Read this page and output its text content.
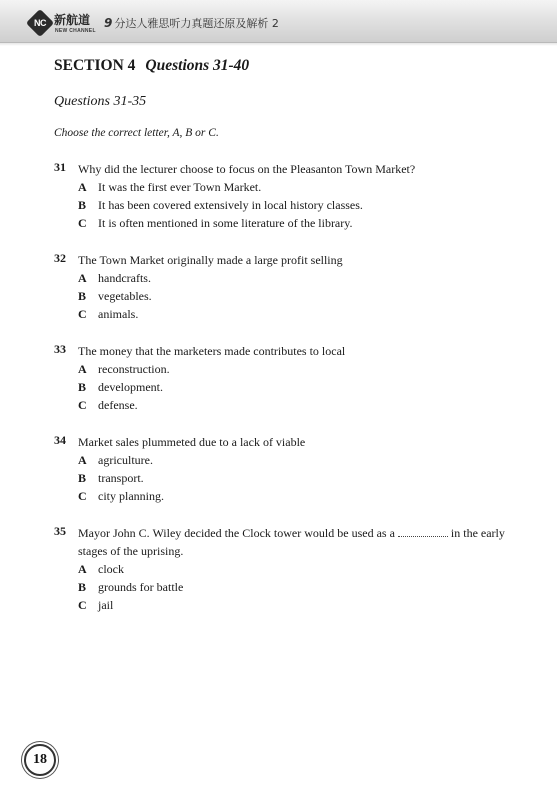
NC 新航道
NEW CHANNEL
9 分达人雅思听力真题还原及解析 2
SECTION 4 Questions 31-40
Questions 31-35
Choose the correct letter, A, B or C.
31 Why did the lecturer choose to focus on the Pleasanton Town Market?
A It was the first ever Town Market.
B It has been covered extensively in local history classes.
C It is often mentioned in some literature of the library.
32 The Town Market originally made a large profit selling
A handcrafts.
B vegetables.
C animals.
33 The money that the marketers made contributes to local
A reconstruction.
B development.
C defense.
34 Market sales plummeted due to a lack of viable
A agriculture.
B transport.
C city planning.
35 Mayor John C. Wiley decided the Clock tower would be used as a	in the early stages of the uprising.
A clock
B grounds for battle
C jail
18
